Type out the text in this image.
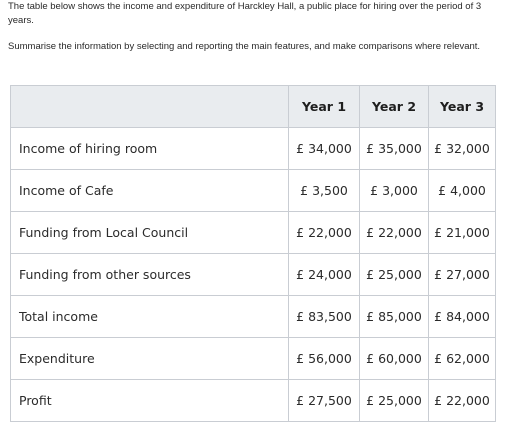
The table below shows the income and expenditure of Harckley Hall, a public place for hiring over the period of 3 years.

Summarise the information by selecting and reporting the main features, and make comparisons where relevant.

	Year 1	Year 2	Year 3
Income of hiring room	£ 34,000	£ 35,000	£ 32,000
Income of Cafe	£ 3,500	£ 3,000	£ 4,000
Funding from Local Council	£ 22,000	£ 22,000	£ 21,000
Funding from other sources	£ 24,000	£ 25,000	£ 27,000
Total income	£ 83,500	£ 85,000	£ 84,000
Expenditure	£ 56,000	£ 60,000	£ 62,000
Profit	£ 27,500	£ 25,000	£ 22,000
